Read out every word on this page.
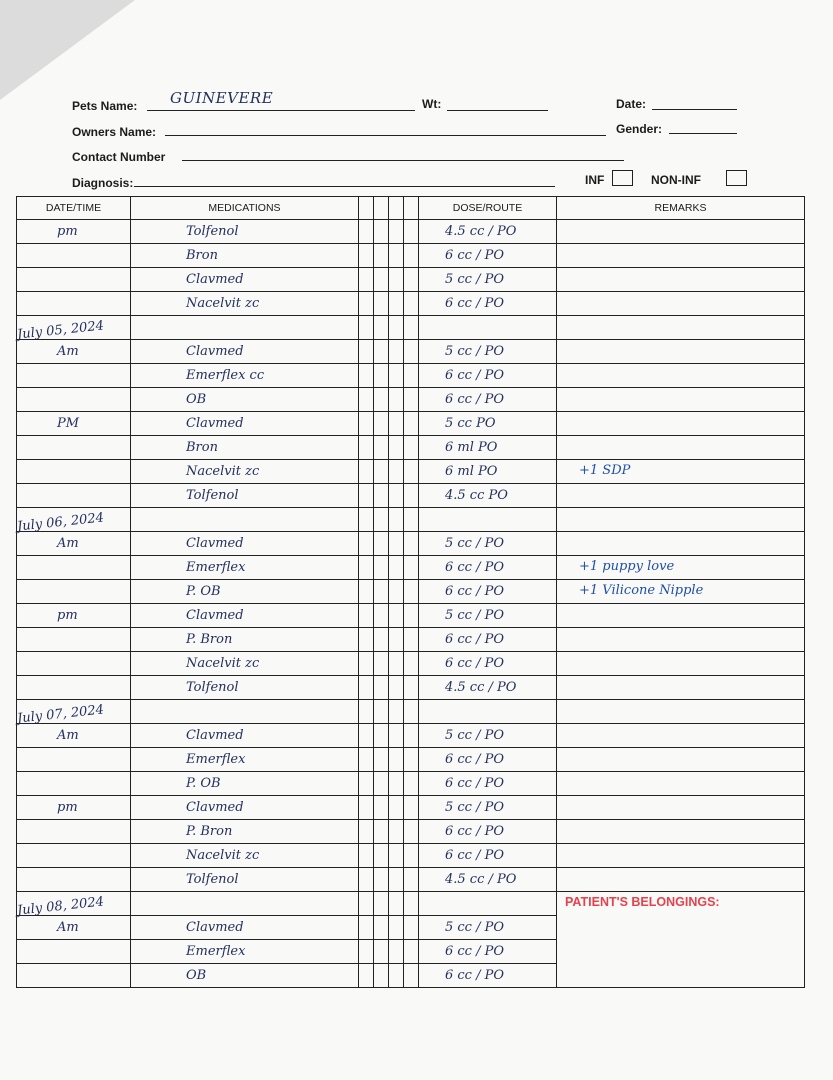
Pets Name: GUINEVERE	Wt:	Date:
Owners Name:	Gender:
Contact Number
Diagnosis:	INF	NON-INF
DATE/TIME	MEDICATIONS					DOSE/ROUTE	REMARKS

pm	Tolfenol					4.5 cc / PO	

	Bron					6 cc / PO	

	Clavmed					5 cc / PO	

	Nacelvit zc					6 cc / PO	

July 05, 2024							

Am	Clavmed					5 cc / PO	

	Emerflex cc					6 cc / PO	

	OB					6 cc / PO	

PM	Clavmed					5 cc PO	

	Bron					6 ml PO	

	Nacelvit zc					6 ml PO	+1 SDP

	Tolfenol					4.5 cc PO	

July 06, 2024							

Am	Clavmed					5 cc / PO	

	Emerflex					6 cc / PO	+1 puppy love

	P. OB					6 cc / PO	+1 Vilicone Nipple

pm	Clavmed					5 cc / PO	

	P. Bron					6 cc / PO	

	Nacelvit zc					6 cc / PO	

	Tolfenol					4.5 cc / PO	

July 07, 2024							

Am	Clavmed					5 cc / PO	

	Emerflex					6 cc / PO	

	P. OB					6 cc / PO	

pm	Clavmed					5 cc / PO	

	P. Bron					6 cc / PO	

	Nacelvit zc					6 cc / PO	

	Tolfenol					4.5 cc / PO	

July 08, 2024							

Am	Clavmed					5 cc / PO	

	Emerflex					6 cc / PO	

	OB					6 cc / PO	

PATIENT'S BELONGINGS:
